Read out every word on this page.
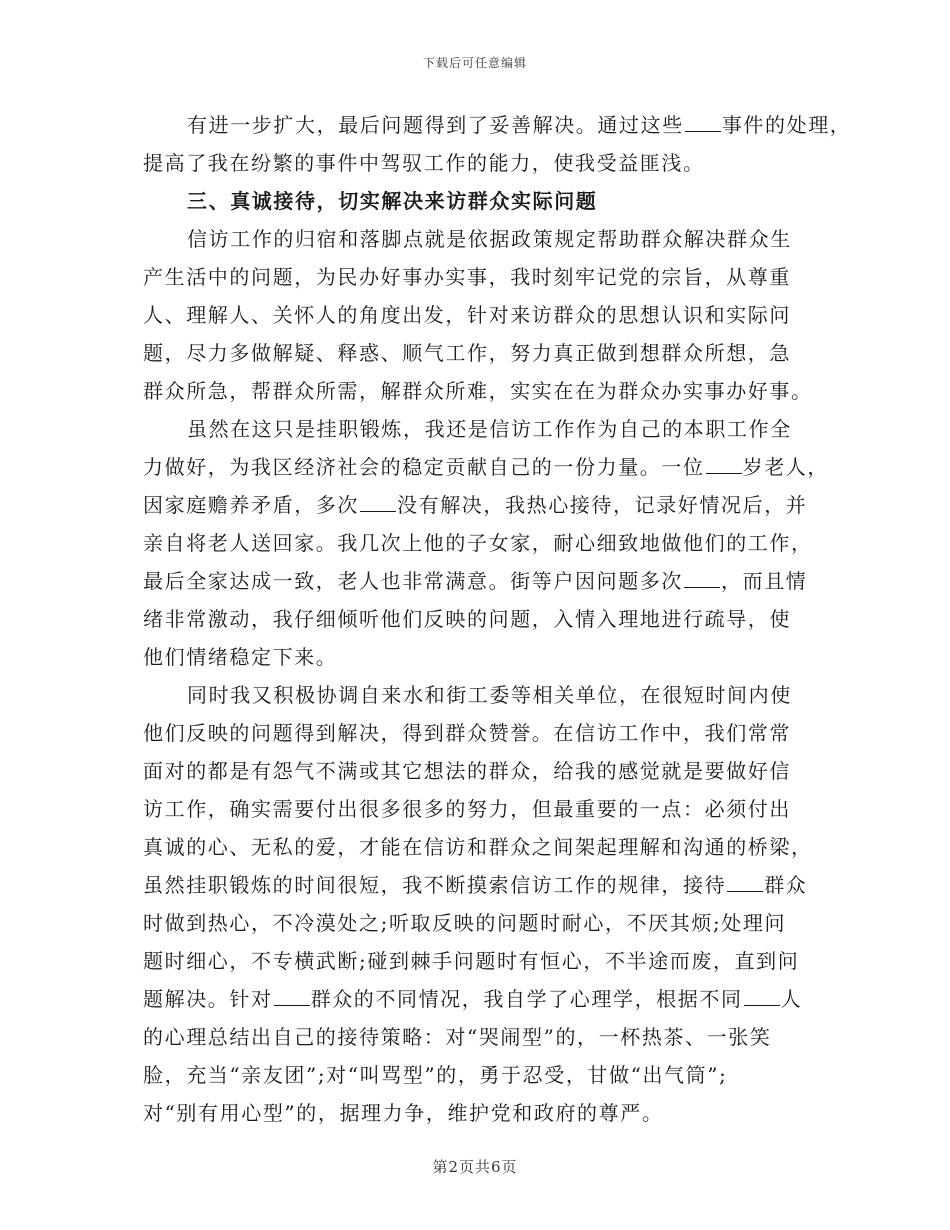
下载后可任意编辑
有进一步扩大，最后问题得到了妥善解决。通过这些 事件的处理，
提高了我在纷繁的事件中驾驭工作的能力，使我受益匪浅。
三、真诚接待，切实解决来访群众实际问题
信访工作的归宿和落脚点就是依据政策规定帮助群众解决群众生
产生活中的问题，为民办好事办实事，我时刻牢记党的宗旨，从尊重
人、理解人、关怀人的角度出发，针对来访群众的思想认识和实际问
题，尽力多做解疑、释惑、顺气工作，努力真正做到想群众所想，急
群众所急，帮群众所需，解群众所难，实实在在为群众办实事办好事。
虽然在这只是挂职锻炼，我还是信访工作作为自己的本职工作全
力做好，为我区经济社会的稳定贡献自己的一份力量。一位 岁老人，
因家庭赡养矛盾，多次 没有解决，我热心接待，记录好情况后，并
亲自将老人送回家。我几次上他的子女家，耐心细致地做他们的工作，
最后全家达成一致，老人也非常满意。街等户因问题多次 ，而且情
绪非常激动，我仔细倾听他们反映的问题，入情入理地进行疏导，使
他们情绪稳定下来。
同时我又积极协调自来水和街工委等相关单位，在很短时间内使
他们反映的问题得到解决，得到群众赞誉。在信访工作中，我们常常
面对的都是有怨气不满或其它想法的群众，给我的感觉就是要做好信
访工作，确实需要付出很多很多的努力，但最重要的一点：必须付出
真诚的心、无私的爱，才能在信访和群众之间架起理解和沟通的桥梁，
虽然挂职锻炼的时间很短，我不断摸索信访工作的规律，接待 群众
时做到热心，不冷漠处之;听取反映的问题时耐心，不厌其烦;处理问
题时细心，不专横武断;碰到棘手问题时有恒心，不半途而废，直到问
题解决。针对 群众的不同情况，我自学了心理学，根据不同 人
的心理总结出自己的接待策略：对“哭闹型”的，一杯热茶、一张笑
脸，充当“亲友团”;对“叫骂型”的，勇于忍受，甘做“出气筒”;
对“别有用心型”的，据理力争，维护党和政府的尊严。
第2页共6页
